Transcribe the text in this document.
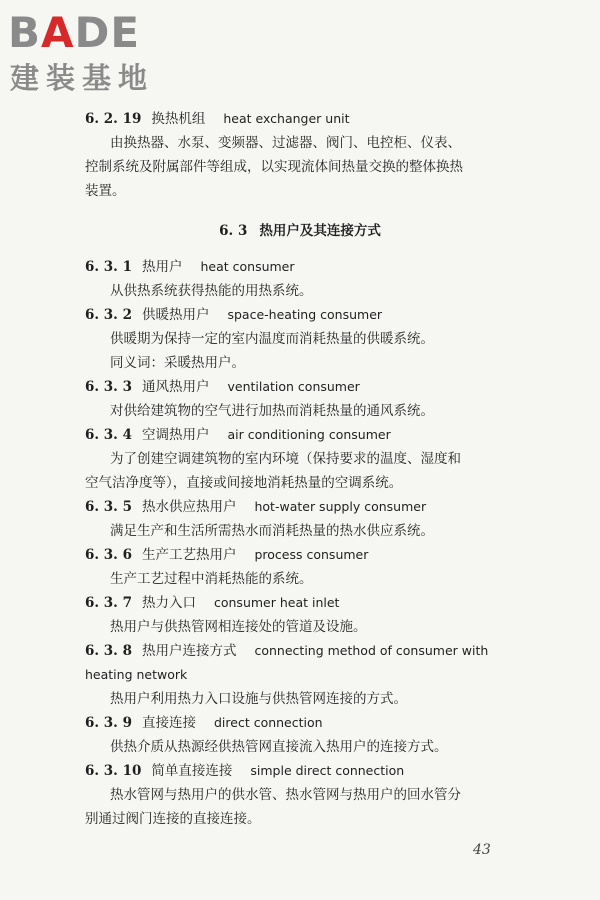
BADE
建装基地
6. 2. 19 换热机组 heat exchanger unit
由换热器、水泵、变频器、过滤器、阀门、电控柜、仪表、
控制系统及附属部件等组成，以实现流体间热量交换的整体换热
装置。
6. 3 热用户及其连接方式
6. 3. 1 热用户 heat consumer
从供热系统获得热能的用热系统。
6. 3. 2 供暖热用户 space-heating consumer
供暖期为保持一定的室内温度而消耗热量的供暖系统。
同义词：采暖热用户。
6. 3. 3 通风热用户 ventilation consumer
对供给建筑物的空气进行加热而消耗热量的通风系统。
6. 3. 4 空调热用户 air conditioning consumer
为了创建空调建筑物的室内环境（保持要求的温度、湿度和
空气洁净度等），直接或间接地消耗热量的空调系统。
6. 3. 5 热水供应热用户 hot-water supply consumer
满足生产和生活所需热水而消耗热量的热水供应系统。
6. 3. 6 生产工艺热用户 process consumer
生产工艺过程中消耗热能的系统。
6. 3. 7 热力入口 consumer heat inlet
热用户与供热管网相连接处的管道及设施。
6. 3. 8 热用户连接方式 connecting method of consumer with
heating network
热用户利用热力入口设施与供热管网连接的方式。
6. 3. 9 直接连接 direct connection
供热介质从热源经供热管网直接流入热用户的连接方式。
6. 3. 10 简单直接连接 simple direct connection
热水管网与热用户的供水管、热水管网与热用户的回水管分
别通过阀门连接的直接连接。
43
